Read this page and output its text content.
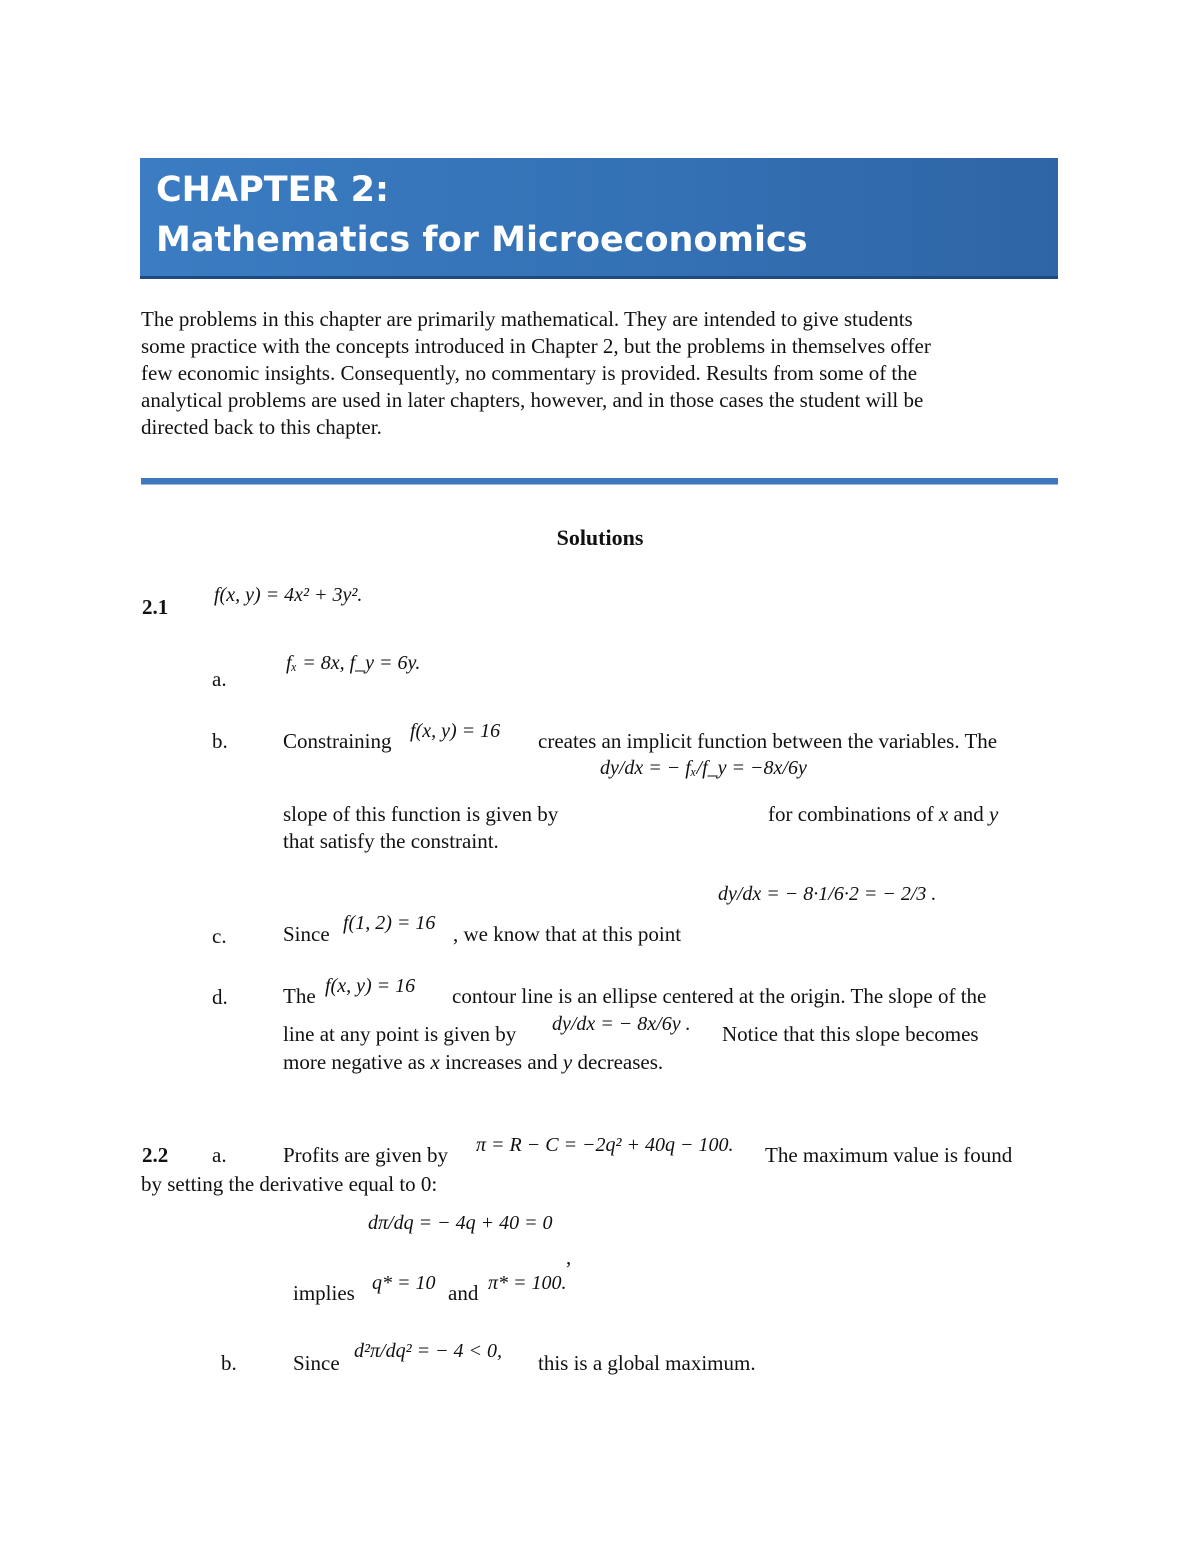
CHAPTER 2:
Mathematics for Microeconomics
The problems in this chapter are primarily mathematical. They are intended to give students
some practice with the concepts introduced in Chapter 2, but the problems in themselves offer
few economic insights. Consequently, no commentary is provided. Results from some of the
analytical problems are used in later chapters, however, and in those cases the student will be
directed back to this chapter.
Solutions
2.1 f(x, y) = 4x² + 3y².
a.
fₓ = 8x, f_y = 6y.
b.	Constraining f(x, y) = 16 creates an implicit function between the variables. The
slope of this function is given by
dy/dx = − fₓ/f_y = −8x/6y
for combinations of x and y
that satisfy the constraint.
c.	Since f(1, 2) = 16 , we know that at this point
dy/dx = − 8·1/6·2 = − 2/3 .
d.	The f(x, y) = 16 contour line is an ellipse centered at the origin. The slope of the
line at any point is given by dy/dx = − 8x/6y . Notice that this slope becomes
more negative as x increases and y decreases.
2.2 a.	Profits are given by π = R − C = −2q² + 40q − 100. The maximum value is found
by setting the derivative equal to 0:
dπ/dq = − 4q + 40 = 0
,
implies q* = 10 and π* = 100.
b.	Since d²π/dq² = − 4 < 0, this is a global maximum.
